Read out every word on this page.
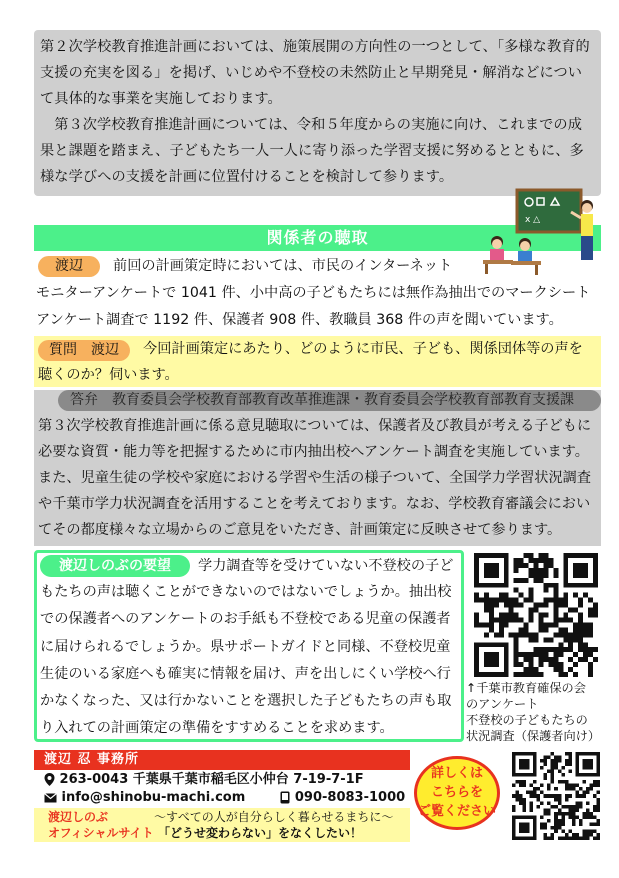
第２次学校教育推進計画においては、施策展開の方向性の一つとして、「多様な教育的支援の充実を図る」を掲げ、いじめや不登校の未然防止と早期発見・解消などについて具体的な事業を実施しております。

第３次学校教育推進計画については、令和５年度からの実施に向け、これまでの成果と課題を踏まえ、子どもたち一人一人に寄り添った学習支援に努めるとともに、多様な学びへの支援を計画に位置付けることを検討して参ります。

関係者の聴取
x △
渡辺	前回の計画策定時においては、市民のインターネット
モニターアンケートで 1041 件、小中高の子どもたちには無作為抽出でのマークシートアンケート調査で 1192 件、保護者 908 件、教職員 368 件の声を聞いています。
質問　渡辺	今回計画策定にあたり、どのように市民、子ども、関係団体等の声を
聴くのか？伺います。
答弁　教育委員会学校教育部教育改革推進課・教育委員会学校教育部教育支援課
第３次学校教育推進計画に係る意見聴取については、保護者及び教員が考える子どもに必要な資質・能力等を把握するために市内抽出校へアンケート調査を実施しています。また、児童生徒の学校や家庭における学習や生活の様子ついて、全国学力学習状況調査や千葉市学力状況調査を活用することを考えております。なお、学校教育審議会においてその都度様々な立場からのご意見をいただき、計画策定に反映させて参ります。
渡辺しのぶの要望	学力調査等を受けていない不登校の子ど
もたちの声は聴くことができないのではないでしょうか。抽出校での保護者へのアンケートのお手紙も不登校である児童の保護者に届けられるでしょうか。県サポートガイドと同様、不登校児童生徒のいる家庭へも確実に情報を届け、声を出しにくい学校へ行かなくなった、又は行かないことを選択した子どもたちの声も取り入れての計画策定の準備をすすめることを求めます。
↑千葉市教育確保の会
のアンケート
不登校の子どもたちの
状況調査（保護者向け）
渡辺 忍 事務所
263-0043 千葉県千葉市稲毛区小仲台 7-19-7-1F
info@shinobu-machi.com	090-8083-1000
渡辺しのぶ
オフィシャルサイト
～すべての人が自分らしく暮らせるまちに～
「どうせ変わらない」をなくしたい！
詳しくは
こちらを
ご覧ください
